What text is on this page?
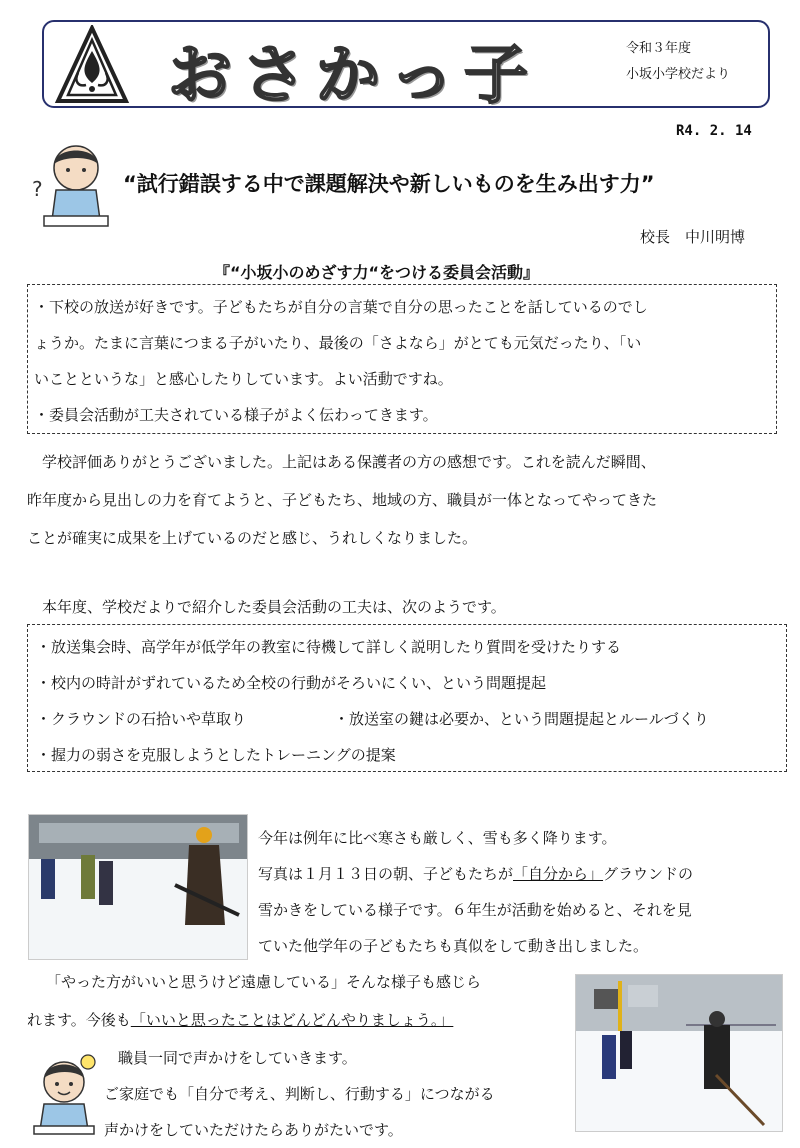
おさかっ子	令和３年度
小坂小学校だより
R4. 2. 14
?	“試行錯誤する中で課題解決や新しいものを生み出す力”
校長　中川明博
『“小坂小のめざす力“をつける委員会活動』
・下校の放送が好きです。子どもたちが自分の言葉で自分の思ったことを話しているのでし
ょうか。たまに言葉につまる子がいたり、最後の「さよなら」がとても元気だったり、「い
いことというな」と感心したりしています。よい活動ですね。
・委員会活動が工夫されている様子がよく伝わってきます。
　学校評価ありがとうございました。上記はある保護者の方の感想です。これを読んだ瞬間、
昨年度から見出しの力を育てようと、子どもたち、地域の方、職員が一体となってやってきた
ことが確実に成果を上げているのだと感じ、うれしくなりました。
　本年度、学校だよりで紹介した委員会活動の工夫は、次のようです。
・放送集会時、高学年が低学年の教室に待機して詳しく説明したり質問を受けたりする
・校内の時計がずれているため全校の行動がそろいにくい、という問題提起
・クラウンドの石拾いや草取り	・放送室の鍵は必要か、という問題提起とルールづくり
・握力の弱さを克服しようとしたトレーニングの提案
今年は例年に比べ寒さも厳しく、雪も多く降ります。
写真は１月１３日の朝、子どもたちが「自分から」グラウンドの
雪かきをしている様子です。６年生が活動を始めると、それを見
ていた他学年の子どもたちも真似をして動き出しました。
「やった方がいいと思うけど遠慮している」そんな様子も感じら
れます。今後も「いいと思ったことはどんどんやりましょう。」
職員一同で声かけをしていきます。
ご家庭でも「自分で考え、判断し、行動する」につながる
声かけをしていただけたらありがたいです。
